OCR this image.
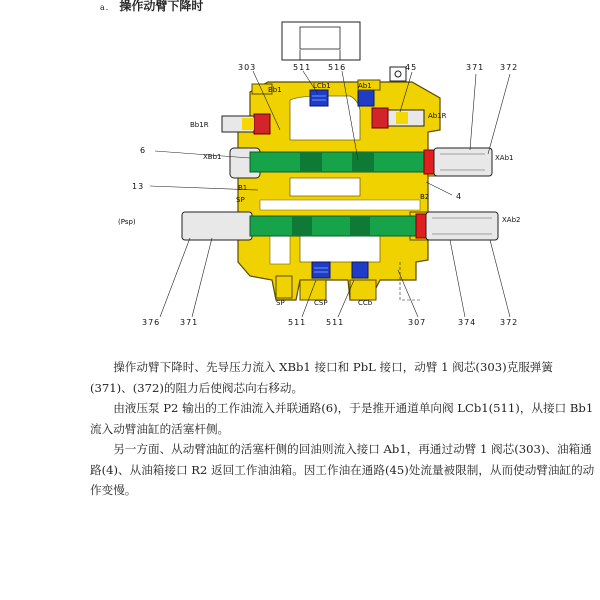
a. 操作动臂下降时
303	511 516	45	371 372
6
13
4
376 371	511 511	307	374	372
Bb1	LCb1	Ab1
Bb1R
Ab1R
XBb1	XAb1
B1
B2
SP
(Psp)	XAb2
SP	CSP	CCb

操作动臂下降时、先导压力流入 XBb1 接口和 PbL 接口，动臂 1 阀芯(303)克服弹簧(371)、(372)的阻力后使阀芯向右移动。

由液压泵 P2 输出的工作油流入并联通路(6)，于是推开通道单向阀 LCb1(511)，从接口 Bb1 流入动臂油缸的活塞杆侧。

另一方面、从动臂油缸的活塞杆侧的回油则流入接口 Ab1，再通过动臂 1 阀芯(303)、油箱通路(4)、从油箱接口 R2 返回工作油油箱。因工作油在通路(45)处流量被限制，从而使动臂油缸的动作变慢。
